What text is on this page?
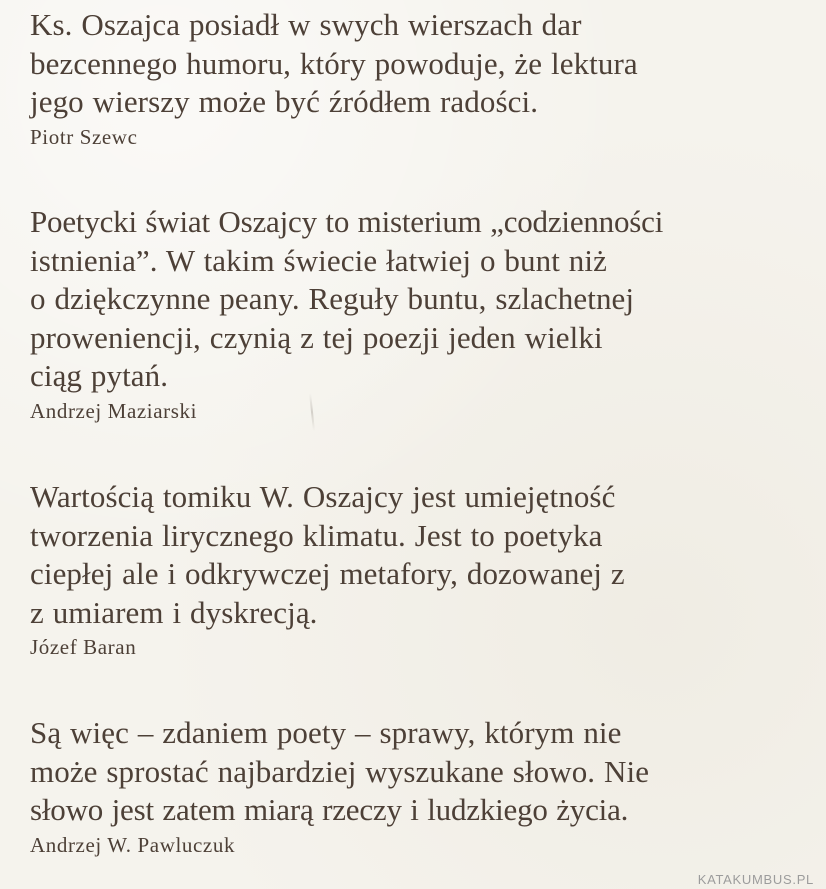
Ks. Oszajca posiadł w swych wierszach dar
bezcennego humoru, który powoduje, że lektura
jego wierszy może być źródłem radości.
Piotr Szewc
Poetycki świat Oszajcy to misterium „codzienności
istnienia”. W takim świecie łatwiej o bunt niż
o dziękczynne peany. Reguły buntu, szlachetnej
prowenienсji, czynią z tej poezji jeden wielki
ciąg pytań.
Andrzej Maziarski
Wartością tomiku W. Oszajcy jest umiejętność
tworzenia lirycznego klimatu. Jest to poetyka
ciepłej ale i odkrywczej metafory, dozowanej z
z umiarem i dyskrecją.
Józef Baran
Są więc – zdaniem poety – sprawy, którym nie
może sprostać najbardziej wyszukane słowo. Nie
słowo jest zatem miarą rzeczy i ludzkiego życia.
Andrzej W. Pawluczuk
KATAKUMBUS.PL
